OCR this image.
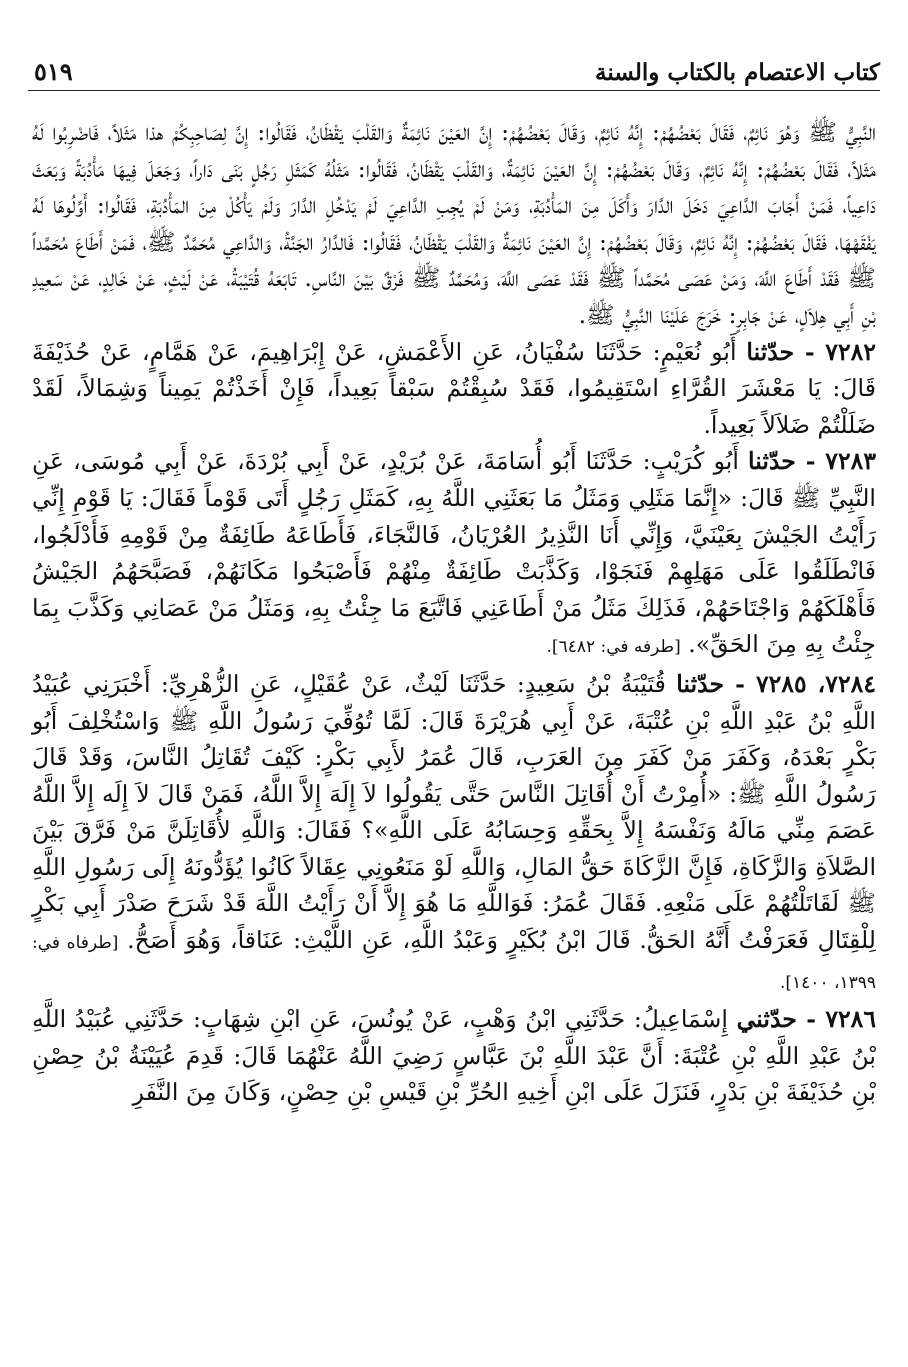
٥١٩	كتاب الاعتصام بالكتاب والسنة

النَّبِيُّ ﷺ وَهُوَ نَائِمٌ، فَقَالَ بَعْضُهُمْ: إِنَّهُ نَائِمٌ، وَقَالَ بَعْضُهُمْ: إِنَّ العَيْنَ نَائِمَةٌ وَالقَلْبَ يَقْظَانُ، فَقَالُوا: إِنَّ لِصَاحِبِكُمْ هذا مَثَلاً، فَاضْرِبُوا لَهُ مَثَلاً، فَقَالَ بَعْضُهُمْ: إِنَّهُ نَائِمٌ، وَقَالَ بَعْضُهُمْ: إِنَّ العَيْنَ نَائِمَةٌ، وَالقَلْبَ يَقْظَانُ، فَقَالُوا: مَثَلُهُ كَمَثَلِ رَجُلٍ بَنَى دَاراً، وَجَعَلَ فِيهَا مَأْدُبَةً وَبَعَثَ دَاعِياً، فَمَنْ أَجَابَ الدَّاعِيَ دَخَلَ الدَّارَ وَأَكَلَ مِنَ المَأْدُبَةِ، وَمَنْ لَمْ يُجِبِ الدَّاعِيَ لَمْ يَدْخُلِ الدَّارَ وَلَمْ يَأْكُلْ مِنَ المَأْدُبَةِ، فَقَالُوا: أَوِّلُوهَا لَهُ يَفْقَهْهَا، فَقَالَ بَعْضُهُمْ: إِنَّهُ نَائِمٌ، وَقَالَ بَعْضُهُمْ: إِنَّ العَيْنَ نَائِمَةٌ وَالقَلْبَ يَقْظَانُ، فَقَالُوا: فَالدَّارُ الجَنَّةُ، وَالدَّاعِي مُحَمَّدٌ ﷺ، فَمَنْ أَطَاعَ مُحَمَّداً ﷺ فَقَدْ أَطَاعَ اللَّهَ، وَمَنْ عَصَى مُحَمَّداً ﷺ فَقَدْ عَصَى اللَّهَ، وَمُحَمَّدٌ ﷺ فَرْقٌ بَيْنَ النَّاسِ. تَابَعَهُ قُتَيْبَةُ، عَنْ لَيْثٍ، عَنْ خَالِدٍ، عَنْ سَعِيدِ بْنِ أَبِي هِلاَلٍ، عَنْ جَابِرٍ: خَرَجَ عَلَيْنَا النَّبِيُّ ﷺ.

٧٢٨٢ - حدّثنا أَبُو نُعَيْمٍ: حَدَّثَنَا سُفْيَانُ، عَنِ الأَعْمَشِ، عَنْ إِبْرَاهِيمَ، عَنْ هَمَّامٍ، عَنْ حُذَيْفَةَ قَالَ: يَا مَعْشَرَ القُرَّاءِ اسْتَقِيمُوا، فَقَدْ سُبِقْتُمْ سَبْقاً بَعِيداً، فَإِنْ أَخَذْتُمْ يَمِيناً وَشِمَالاً، لَقَدْ ضَلَلْتُمْ ضَلاَلاً بَعِيداً.

٧٢٨٣ - حدّثنا أَبُو كُرَيْبٍ: حَدَّثَنَا أَبُو أُسَامَةَ، عَنْ بُرَيْدٍ، عَنْ أَبِي بُرْدَةَ، عَنْ أَبِي مُوسَى، عَنِ النَّبِيِّ ﷺ قَالَ: «إِنَّمَا مَثَلِي وَمَثَلُ مَا بَعَثَنِي اللَّهُ بِهِ، كَمَثَلِ رَجُلٍ أَتَى قَوْماً فَقَالَ: يَا قَوْمِ إِنِّي رَأَيْتُ الجَيْشَ بِعَيْنَيَّ، وَإِنِّي أَنَا النَّذِيرُ العُرْيَانُ، فَالنَّجَاءَ، فَأَطَاعَهُ طَائِفَةٌ مِنْ قَوْمِهِ فَأَدْلَجُوا، فَانْطَلَقُوا عَلَى مَهَلِهِمْ فَنَجَوْا، وَكَذَّبَتْ طَائِفَةٌ مِنْهُمْ فَأَصْبَحُوا مَكَانَهُمْ، فَصَبَّحَهُمُ الجَيْشُ فَأَهْلَكَهُمْ وَاجْتَاحَهُمْ، فَذَلِكَ مَثَلُ مَنْ أَطَاعَنِي فَاتَّبَعَ مَا جِئْتُ بِهِ، وَمَثَلُ مَنْ عَصَانِي وَكَذَّبَ بِمَا جِئْتُ بِهِ مِنَ الحَقِّ». [طرفه في: ٦٤٨٢].

٧٢٨٤، ٧٢٨٥ - حدّثنا قُتَيْبَةُ بْنُ سَعِيدٍ: حَدَّثَنَا لَيْثٌ، عَنْ عُقَيْلٍ، عَنِ الزُّهْرِيِّ: أَخْبَرَنِي عُبَيْدُ اللَّهِ بْنُ عَبْدِ اللَّهِ بْنِ عُتْبَةَ، عَنْ أَبِي هُرَيْرَةَ قَالَ: لَمَّا تُوُفِّيَ رَسُولُ اللَّهِ ﷺ وَاسْتُخْلِفَ أَبُو بَكْرٍ بَعْدَهُ، وَكَفَرَ مَنْ كَفَرَ مِنَ العَرَبِ، قَالَ عُمَرُ لأَبِي بَكْرٍ: كَيْفَ تُقَاتِلُ النَّاسَ، وَقَدْ قَالَ رَسُولُ اللَّهِ ﷺ: «أُمِرْتُ أَنْ أُقَاتِلَ النَّاسَ حَتَّى يَقُولُوا لاَ إِلَهَ إِلاَّ اللَّهُ، فَمَنْ قَالَ لاَ إِلَه إِلاَّ اللَّهُ عَصَمَ مِنِّي مَالَهُ وَنَفْسَهُ إِلاَّ بِحَقِّهِ وَحِسَابُهُ عَلَى اللَّهِ»؟ فَقَالَ: وَاللَّهِ لأُقَاتِلَنَّ مَنْ فَرَّقَ بَيْنَ الصَّلاَةِ وَالزَّكَاةِ، فَإِنَّ الزَّكَاةَ حَقُّ المَالِ، وَاللَّهِ لَوْ مَنَعُونِي عِقَالاً كَانُوا يُؤَدُّونَهُ إِلَى رَسُولِ اللَّهِ ﷺ لَقَاتَلْتُهُمْ عَلَى مَنْعِهِ. فَقَالَ عُمَرُ: فَوَاللَّهِ مَا هُوَ إِلاَّ أَنْ رَأَيْتُ اللَّهَ قَدْ شَرَحَ صَدْرَ أَبِي بَكْرٍ لِلْقِتَالِ فَعَرَفْتُ أَنَّهُ الحَقُّ. قَالَ ابْنُ بُكَيْرٍ وَعَبْدُ اللَّهِ، عَنِ اللَّيْثِ: عَنَاقاً، وَهُوَ أَصَحُّ. [طرفاه في: ١٣٩٩، ١٤٠٠].

٧٢٨٦ - حدّثني إِسْمَاعِيلُ: حَدَّثَنِي ابْنُ وَهْبٍ، عَنْ يُونُسَ، عَنِ ابْنِ شِهَابٍ: حَدَّثَنِي عُبَيْدُ اللَّهِ بْنُ عَبْدِ اللَّهِ بْنِ عُتْبَةَ: أَنَّ عَبْدَ اللَّهِ بْنَ عَبَّاسٍ رَضِيَ اللَّهُ عَنْهُمَا قَالَ: قَدِمَ عُيَيْنَةُ بْنُ حِصْنِ بْنِ حُذَيْفَةَ بْنِ بَدْرٍ، فَنَزَلَ عَلَى ابْنِ أَخِيهِ الحُرِّ بْنِ قَيْسِ بْنِ حِصْنٍ، وَكَانَ مِنَ النَّفَرِ
